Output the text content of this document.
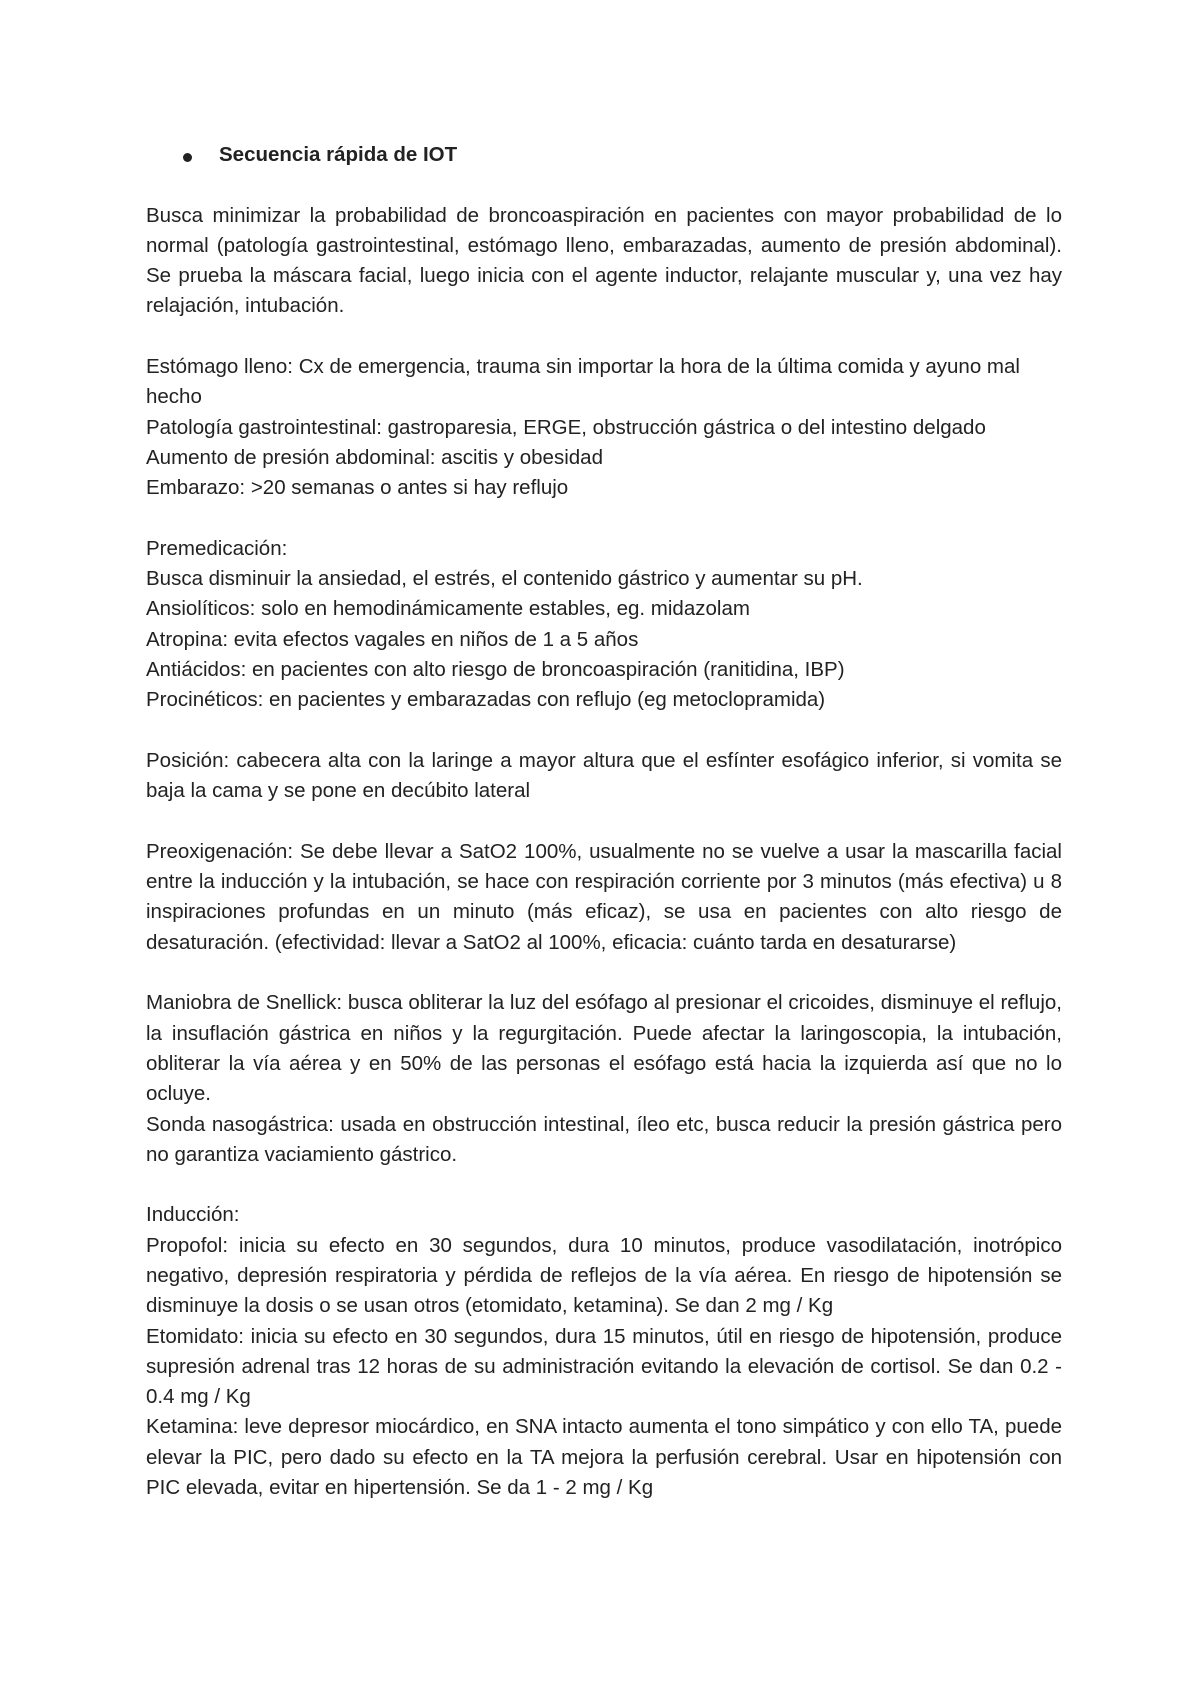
Secuencia rápida de IOT

Busca minimizar la probabilidad de broncoaspiración en pacientes con mayor probabilidad de lo normal (patología gastrointestinal, estómago lleno, embarazadas, aumento de presión abdominal). Se prueba la máscara facial, luego inicia con el agente inductor, relajante muscular y, una vez hay relajación, intubación.

Estómago lleno: Cx de emergencia, trauma sin importar la hora de la última comida y ayuno mal hecho

Patología gastrointestinal: gastroparesia, ERGE, obstrucción gástrica o del intestino delgado

Aumento de presión abdominal: ascitis y obesidad

Embarazo: >20 semanas o antes si hay reflujo

Premedicación:

Busca disminuir la ansiedad, el estrés, el contenido gástrico y aumentar su pH.

Ansiolíticos: solo en hemodinámicamente estables, eg. midazolam

Atropina: evita efectos vagales en niños de 1 a 5 años

Antiácidos: en pacientes con alto riesgo de broncoaspiración (ranitidina, IBP)

Procinéticos: en pacientes y embarazadas con reflujo (eg metoclopramida)

Posición: cabecera alta con la laringe a mayor altura que el esfínter esofágico inferior, si vomita se baja la cama y se pone en decúbito lateral

Preoxigenación: Se debe llevar a SatO2 100%, usualmente no se vuelve a usar la mascarilla facial entre la inducción y la intubación, se hace con respiración corriente por 3 minutos (más efectiva) u 8 inspiraciones profundas en un minuto (más eficaz), se usa en pacientes con alto riesgo de desaturación. (efectividad: llevar a SatO2 al 100%, eficacia: cuánto tarda en desaturarse)

Maniobra de Snellick: busca obliterar la luz del esófago al presionar el cricoides, disminuye el reflujo, la insuflación gástrica en niños y la regurgitación. Puede afectar la laringoscopia, la intubación, obliterar la vía aérea y en 50% de las personas el esófago está hacia la izquierda así que no lo ocluye.

Sonda nasogástrica: usada en obstrucción intestinal, íleo etc, busca reducir la presión gástrica pero no garantiza vaciamiento gástrico.

Inducción:

Propofol: inicia su efecto en 30 segundos, dura 10 minutos, produce vasodilatación, inotrópico negativo, depresión respiratoria y pérdida de reflejos de la vía aérea. En riesgo de hipotensión se disminuye la dosis o se usan otros (etomidato, ketamina). Se dan 2 mg / Kg

Etomidato: inicia su efecto en 30 segundos, dura 15 minutos, útil en riesgo de hipotensión, produce supresión adrenal tras 12 horas de su administración evitando la elevación de cortisol. Se dan 0.2 - 0.4 mg / Kg

Ketamina: leve depresor miocárdico, en SNA intacto aumenta el tono simpático y con ello TA, puede elevar la PIC, pero dado su efecto en la TA mejora la perfusión cerebral. Usar en hipotensión con PIC elevada, evitar en hipertensión. Se da 1 - 2 mg / Kg
